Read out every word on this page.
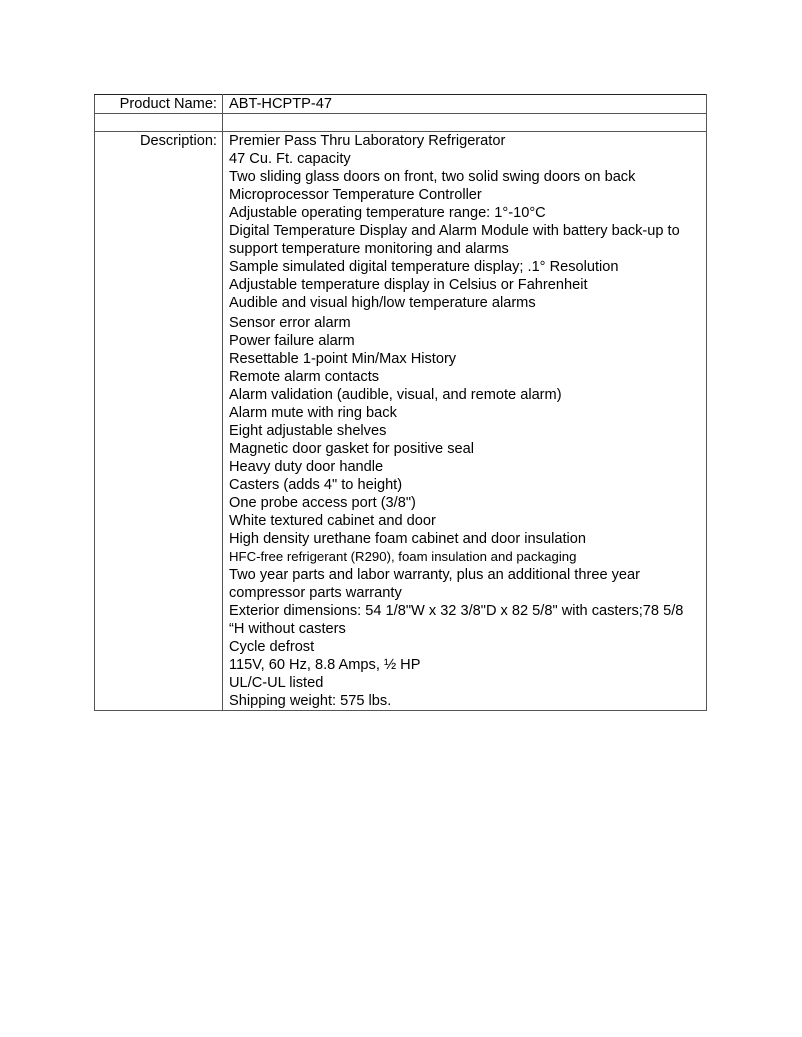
Product Name:	ABT-HCPTP-47

Description:	Premier Pass Thru Laboratory Refrigerator
47 Cu. Ft. capacity
Two sliding glass doors on front, two solid swing doors on back
Microprocessor Temperature Controller
Adjustable operating temperature range: 1°-10°C
Digital Temperature Display and Alarm Module with battery back-up to support temperature monitoring and alarms
Sample simulated digital temperature display; .1° Resolution
Adjustable temperature display in Celsius or Fahrenheit
Audible and visual high/low temperature alarms
Sensor error alarm
Power failure alarm
Resettable 1-point Min/Max History
Remote alarm contacts
Alarm validation (audible, visual, and remote alarm)
Alarm mute with ring back
Eight adjustable shelves
Magnetic door gasket for positive seal
Heavy duty door handle
Casters (adds 4" to height)
One probe access port (3/8")
White textured cabinet and door
High density urethane foam cabinet and door insulation
HFC-free refrigerant (R290), foam insulation and packaging
Two year parts and labor warranty, plus an additional three year compressor parts warranty
Exterior dimensions: 54 1/8"W x 32 3/8"D x 82 5/8" with casters;78 5/8 “H without casters
Cycle defrost
115V, 60 Hz, 8.8 Amps, ½ HP
UL/C-UL listed
Shipping weight: 575 lbs.
